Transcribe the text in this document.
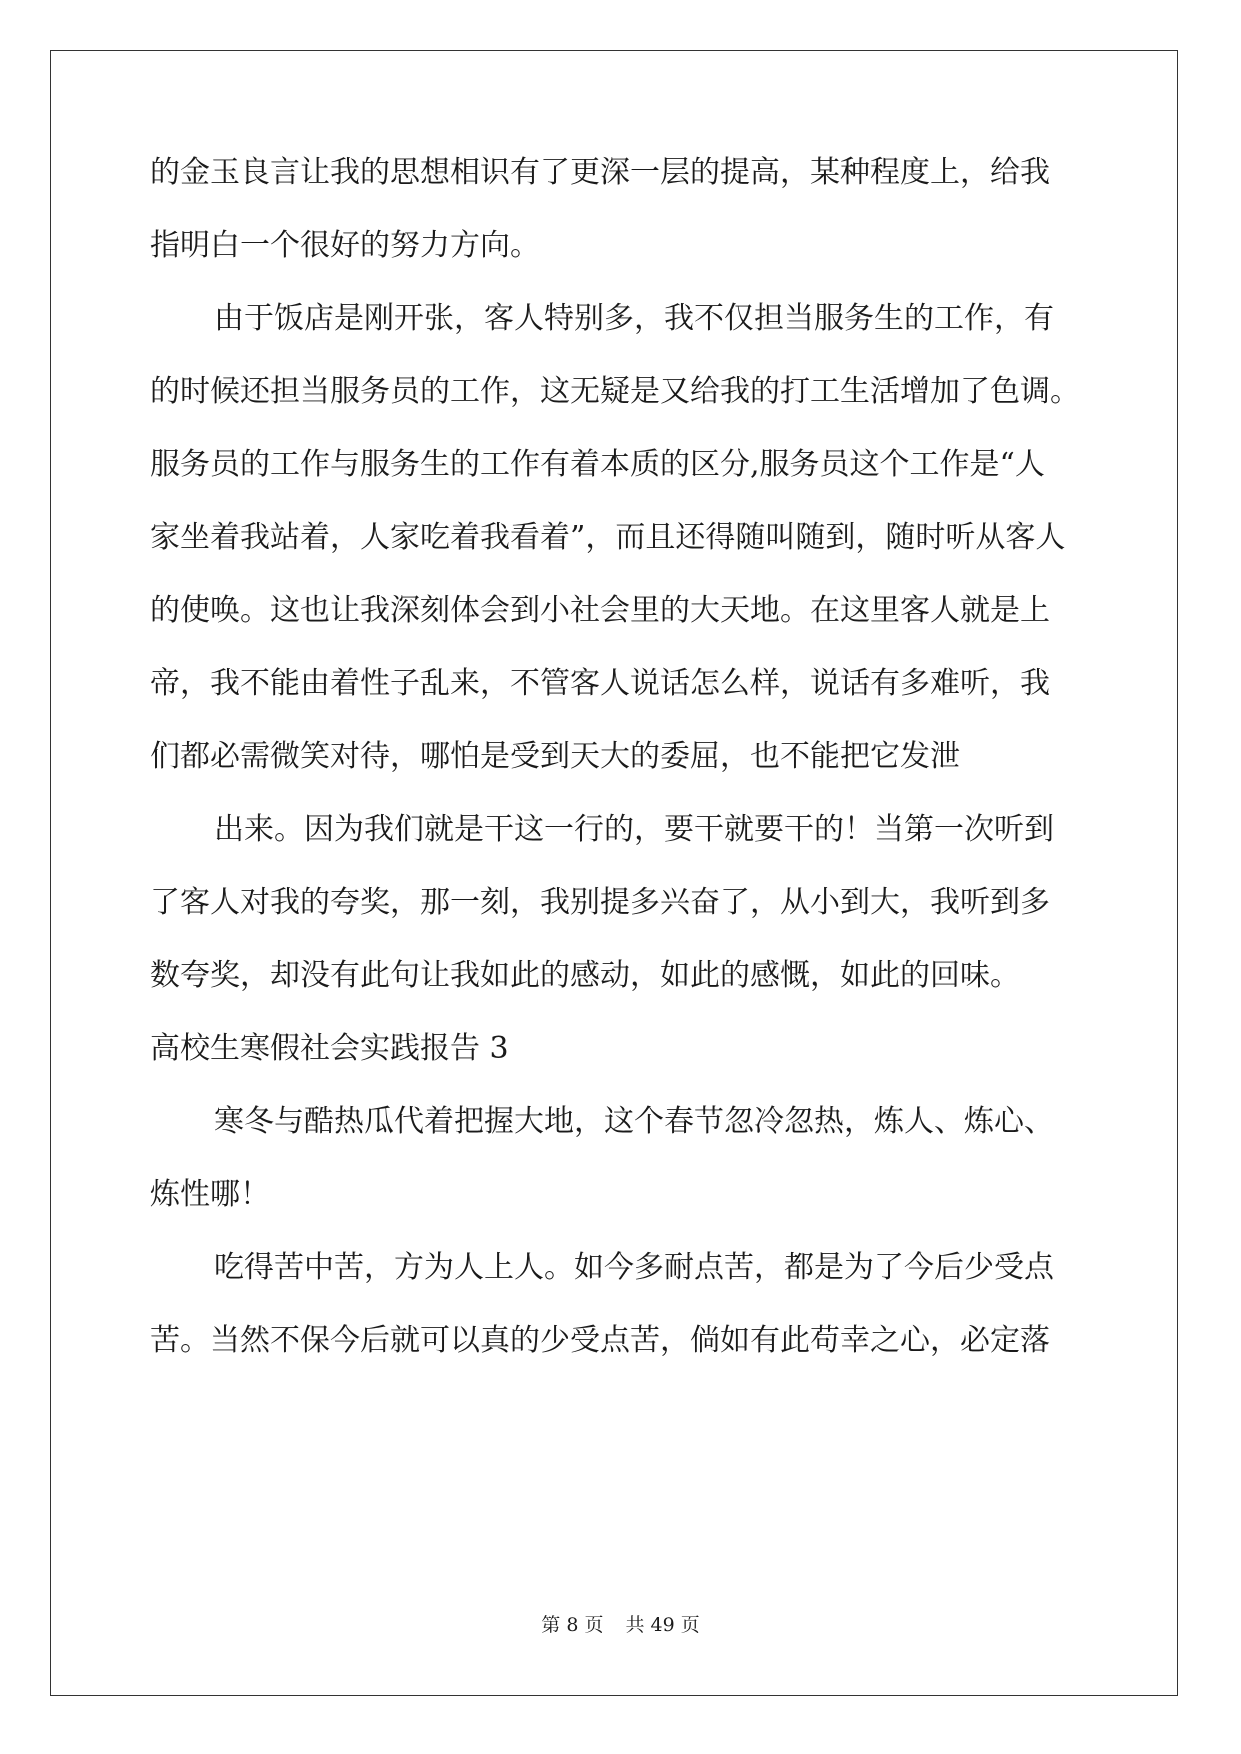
的金玉良言让我的思想相识有了更深一层的提高，某种程度上，给我
指明白一个很好的努力方向。
由于饭店是刚开张，客人特别多，我不仅担当服务生的工作，有
的时候还担当服务员的工作，这无疑是又给我的打工生活增加了色调。
服务员的工作与服务生的工作有着本质的区分,服务员这个工作是“人
家坐着我站着，人家吃着我看着”，而且还得随叫随到，随时听从客人
的使唤。这也让我深刻体会到小社会里的大天地。在这里客人就是上
帝，我不能由着性子乱来，不管客人说话怎么样，说话有多难听，我
们都必需微笑对待，哪怕是受到天大的委屈，也不能把它发泄
出来。因为我们就是干这一行的，要干就要干的！当第一次听到
了客人对我的夸奖，那一刻，我别提多兴奋了，从小到大，我听到多
数夸奖，却没有此句让我如此的感动，如此的感慨，如此的回味。
高校生寒假社会实践报告 3
寒冬与酷热瓜代着把握大地，这个春节忽冷忽热，炼人、炼心、
炼性哪！
吃得苦中苦，方为人上人。如今多耐点苦，都是为了今后少受点
苦。当然不保今后就可以真的少受点苦，倘如有此苟幸之心，必定落
第 8 页 共 49 页
